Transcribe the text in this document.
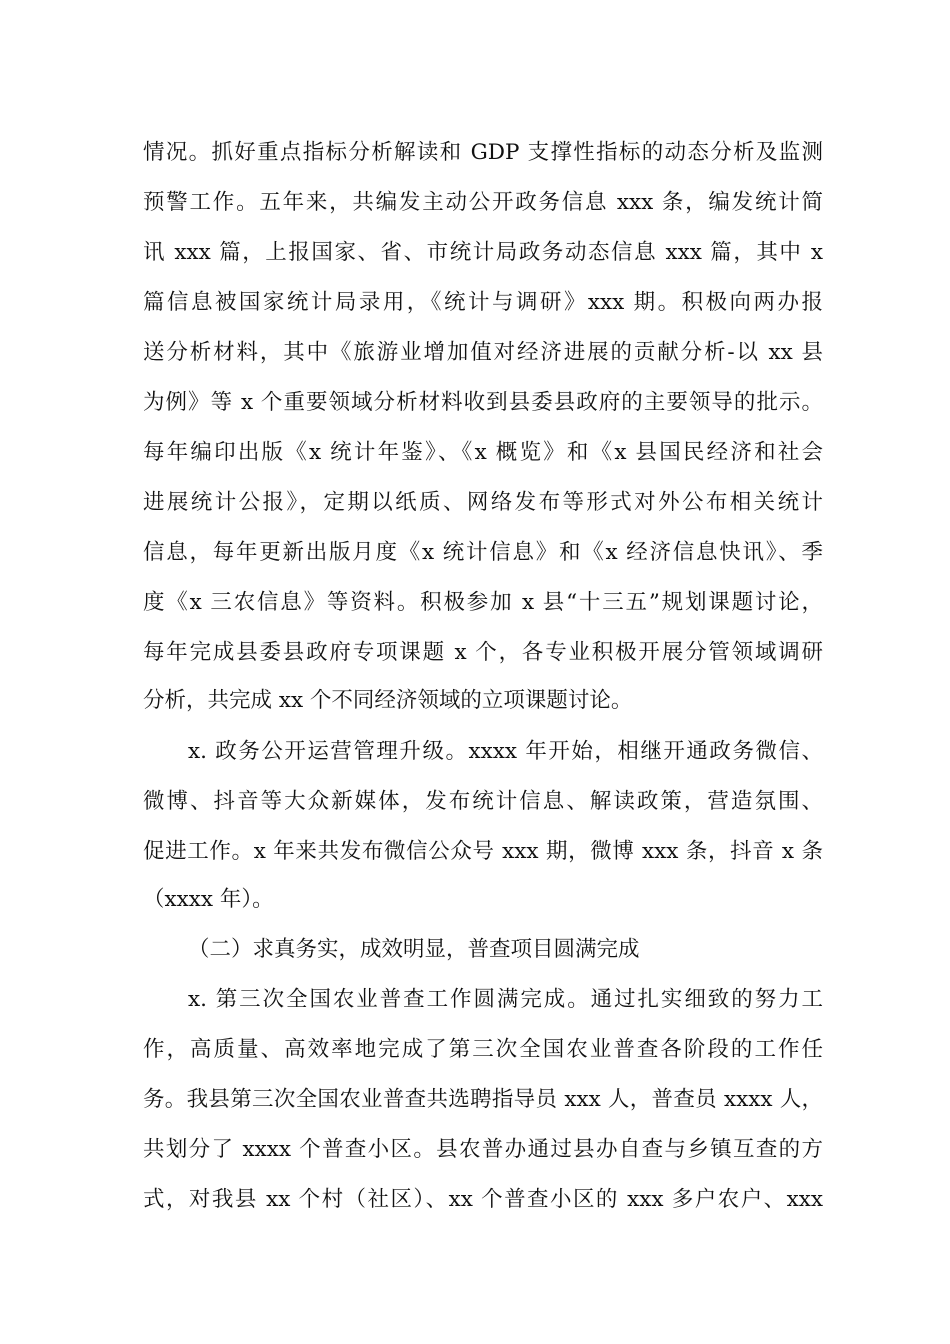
情况。抓好重点指标分析解读和 GDP 支撑性指标的动态分析及监测
预警工作。五年来，共编发主动公开政务信息 xxx 条，编发统计简
讯 xxx 篇，上报国家、省、市统计局政务动态信息 xxx 篇，其中 x
篇信息被国家统计局录用，《统计与调研》xxx 期。积极向两办报
送分析材料，其中《旅游业增加值对经济进展的贡献分析-以 xx 县
为例》等 x 个重要领域分析材料收到县委县政府的主要领导的批示。
每年编印出版《x 统计年鉴》、《x 概览》和《x 县国民经济和社会
进展统计公报》，定期以纸质、网络发布等形式对外公布相关统计
信息，每年更新出版月度《x 统计信息》和《x 经济信息快讯》、季
度《x 三农信息》等资料。积极参加 x 县“十三五”规划课题讨论，
每年完成县委县政府专项课题 x 个，各专业积极开展分管领域调研
分析，共完成 xx 个不同经济领域的立项课题讨论。
x. 政务公开运营管理升级。xxxx 年开始，相继开通政务微信、
微博、抖音等大众新媒体，发布统计信息、解读政策，营造氛围、
促进工作。x 年来共发布微信公众号 xxx 期，微博 xxx 条，抖音 x 条
（xxxx 年）。
（二）求真务实，成效明显，普查项目圆满完成
x. 第三次全国农业普查工作圆满完成。通过扎实细致的努力工
作，高质量、高效率地完成了第三次全国农业普查各阶段的工作任
务。我县第三次全国农业普查共选聘指导员 xxx 人，普查员 xxxx 人，
共划分了 xxxx 个普查小区。县农普办通过县办自查与乡镇互查的方
式，对我县 xx 个村（社区）、xx 个普查小区的 xxx 多户农户、xxx
